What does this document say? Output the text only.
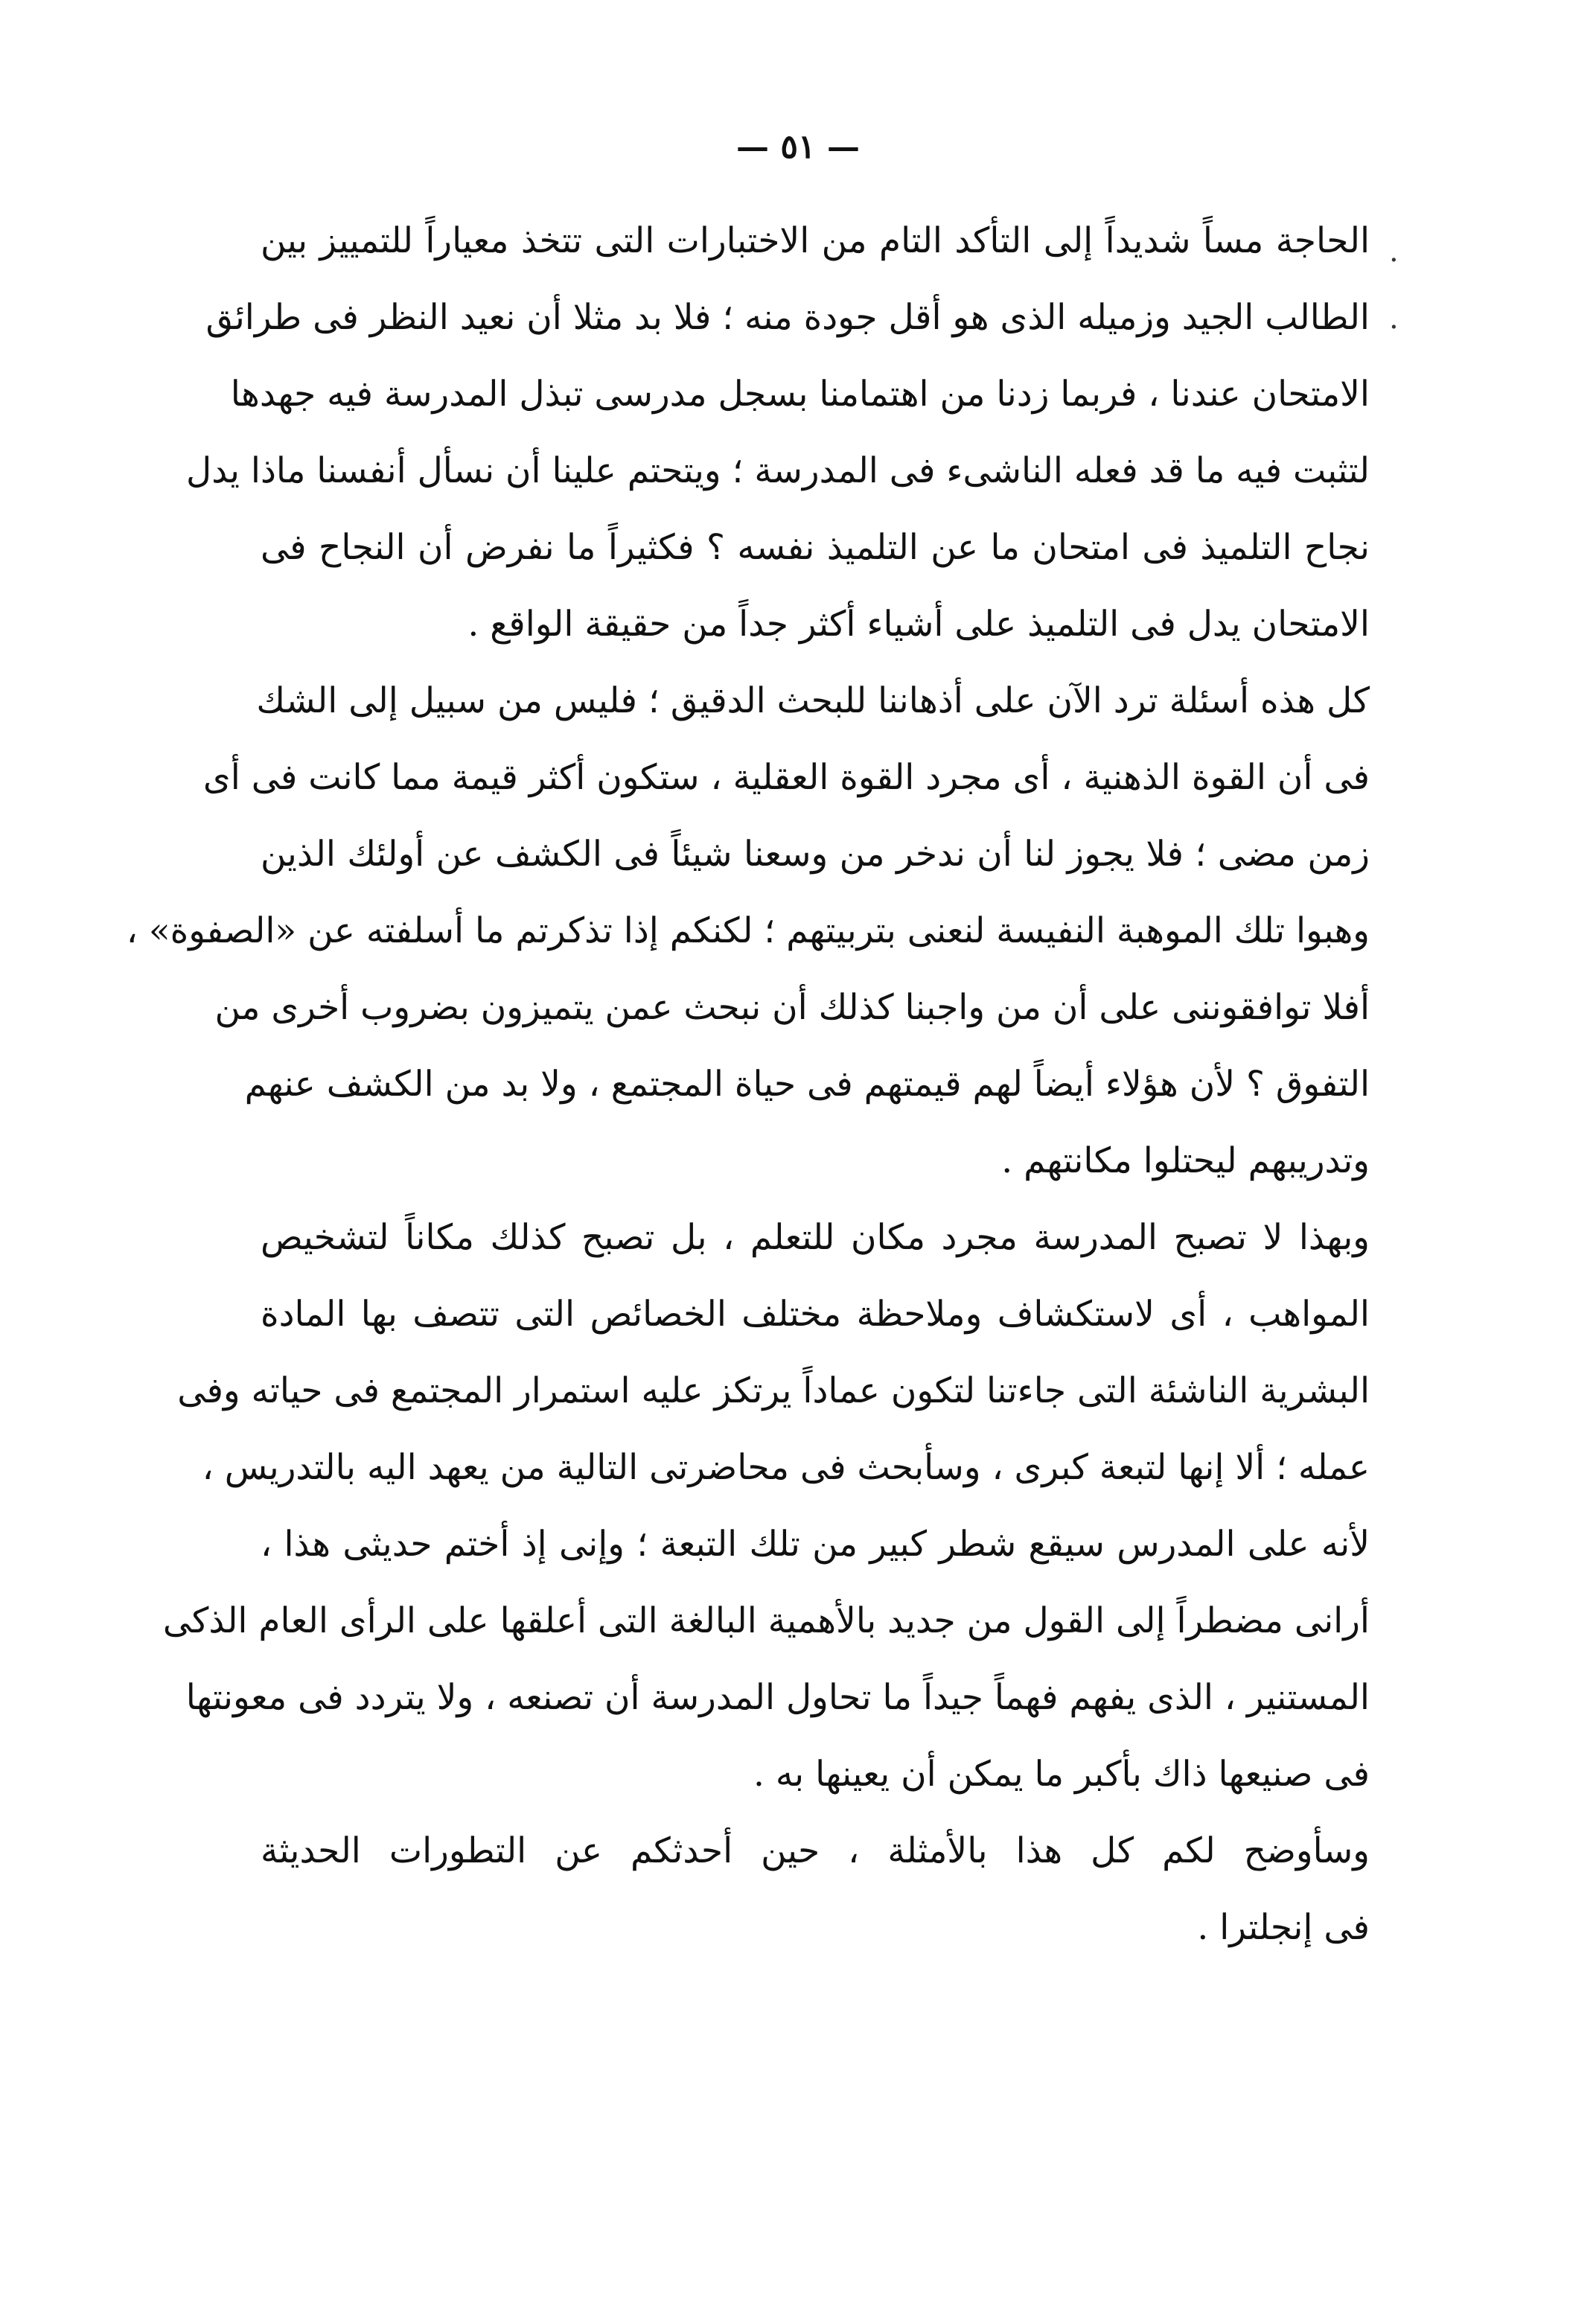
— ٥١ —
.
.
الحاجة مساً شديداً إلى التأكد التام من الاختبارات التى تتخذ معياراً للتمييز بين
الطالب الجيد وزميله الذى هو أقل جودة منه ؛ فلا بد مثلا أن نعيد النظر فى طرائق
الامتحان عندنا ، فربما زدنا من اهتمامنا بسجل مدرسى تبذل المدرسة فيه جهدها
لتثبت فيه ما قد فعله الناشىء فى المدرسة ؛ ويتحتم علينا أن نسأل أنفسنا ماذا يدل
نجاح التلميذ فى امتحان ما عن التلميذ نفسه ؟ فكثيراً ما نفرض أن النجاح فى
الامتحان يدل فى التلميذ على أشياء أكثر جداً من حقيقة الواقع .
كل هذه أسئلة ترد الآن على أذهاننا للبحث الدقيق ؛ فليس من سبيل إلى الشك
فى أن القوة الذهنية ، أى مجرد القوة العقلية ، ستكون أكثر قيمة مما كانت فى أى
زمن مضى ؛ فلا يجوز لنا أن ندخر من وسعنا شيئاً فى الكشف عن أولئك الذين
وهبوا تلك الموهبة النفيسة لنعنى بتربيتهم ؛ لكنكم إذا تذكرتم ما أسلفته عن «الصفوة» ،
أفلا توافقوننى على أن من واجبنا كذلك أن نبحث عمن يتميزون بضروب أخرى من
التفوق ؟ لأن هؤلاء أيضاً لهم قيمتهم فى حياة المجتمع ، ولا بد من الكشف عنهم
وتدريبهم ليحتلوا مكانتهم .
وبهذا لا تصبح المدرسة مجرد مكان للتعلم ، بل تصبح كذلك مكاناً لتشخيص
المواهب ، أى لاستكشاف وملاحظة مختلف الخصائص التى تتصف بها المادة
البشرية الناشئة التى جاءتنا لتكون عماداً يرتكز عليه استمرار المجتمع فى حياته وفى
عمله ؛ ألا إنها لتبعة كبرى ، وسأبحث فى محاضرتى التالية من يعهد اليه بالتدريس ،
لأنه على المدرس سيقع شطر كبير من تلك التبعة ؛ وإنى إذ أختم حديثى هذا ،
أرانى مضطراً إلى القول من جديد بالأهمية البالغة التى أعلقها على الرأى العام الذكى
المستنير ، الذى يفهم فهماً جيداً ما تحاول المدرسة أن تصنعه ، ولا يتردد فى معونتها
فى صنيعها ذاك بأكبر ما يمكن أن يعينها به .
وسأوضح لكم كل هذا بالأمثلة ، حين أحدثكم عن التطورات الحديثة
فى إنجلترا .
